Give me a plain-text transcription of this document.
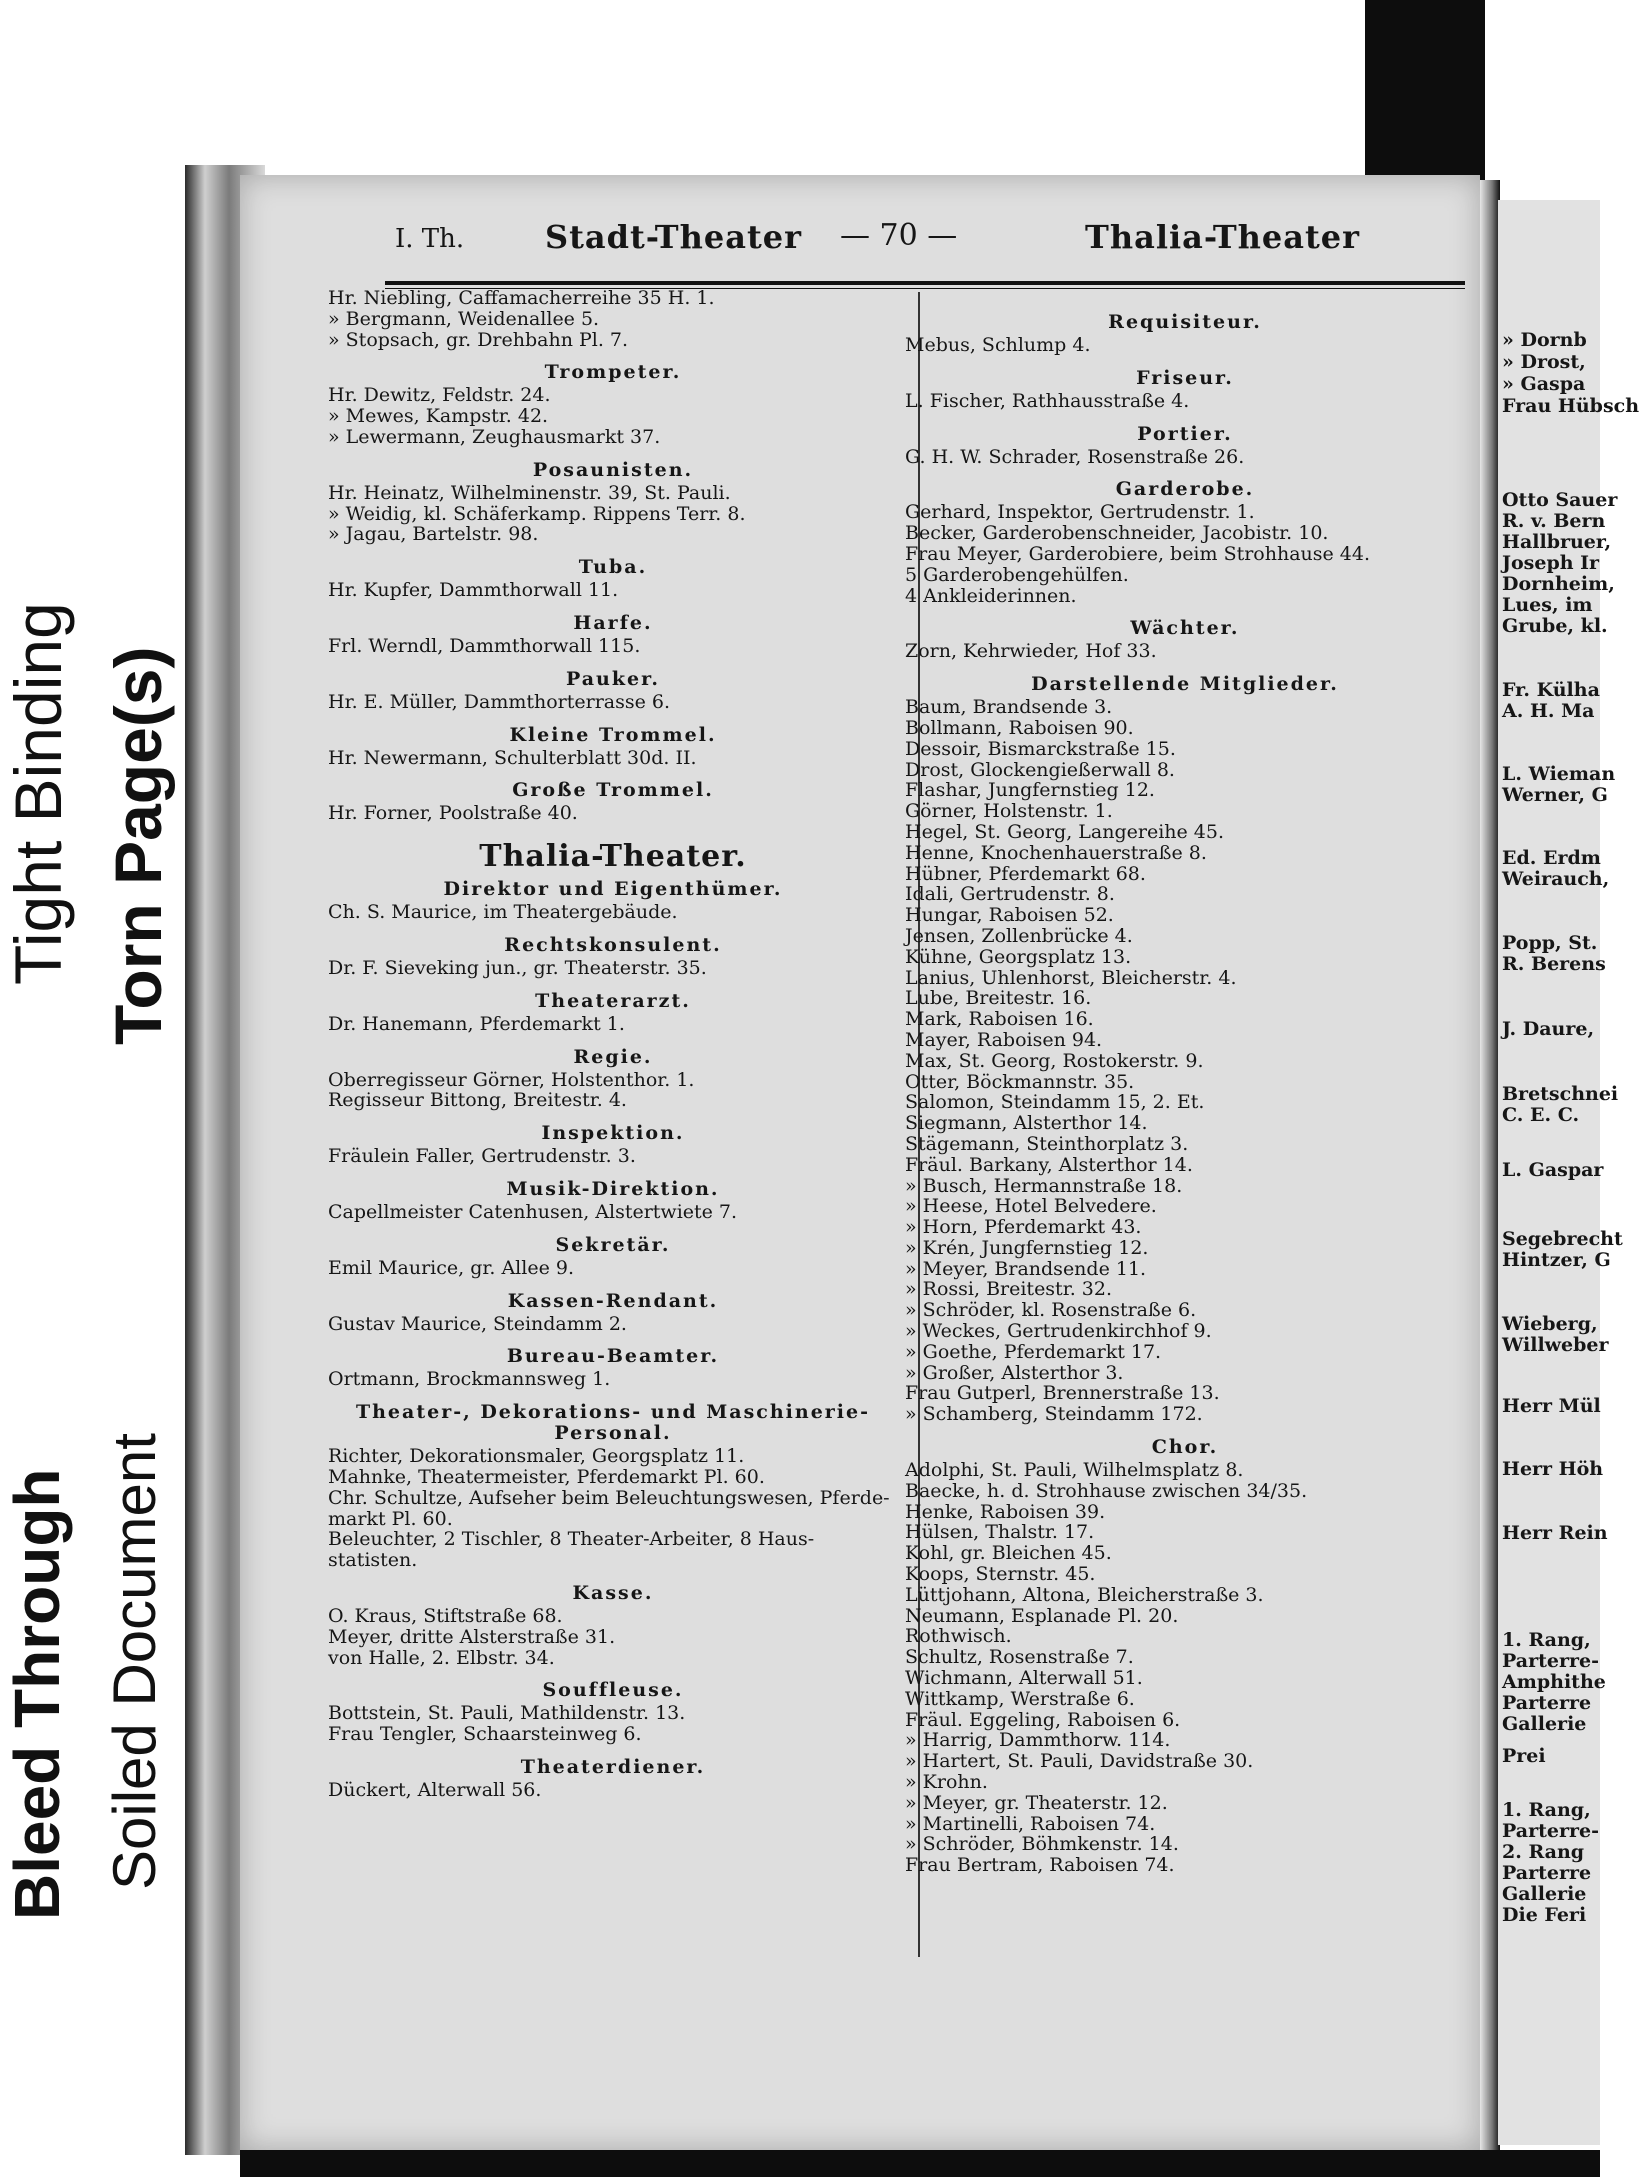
Tight Binding Torn Page(s)
Bleed Through Soiled Document
» Dornb
» Drost,
» Gaspa
Frau Hübsch
Otto Sauer
R. v. Bern
Hallbruer,
Joseph Ir
Dornheim,
Lues, im
Grube, kl.
Fr. Külha
A. H. Ma
L. Wieman
Werner, G
Ed. Erdm
Weirauch,
Popp, St.
R. Berens
J. Daure,
Bretschnei
C. E. C.
L. Gaspar
Segebrecht
Hintzer, G
Wieberg,
Willweber
Herr Mül
Herr Höh
Herr Rein
1. Rang,
Parterre-
Amphithe
Parterre
Gallerie
Prei
1. Rang,
Parterre-
2. Rang
Parterre
Gallerie
Die Feri
I. Th.	Stadt-Theater — 70 —	Thalia-Theater
Hr. Niebling, Caffamacherreihe 35 H. 1.
» Bergmann, Weidenallee 5.
» Stopsach, gr. Drehbahn Pl. 7.
Trompeter.
Hr. Dewitz, Feldstr. 24.
» Mewes, Kampstr. 42.
» Lewermann, Zeughausmarkt 37.
Posaunisten.
Hr. Heinatz, Wilhelminenstr. 39, St. Pauli.
» Weidig, kl. Schäferkamp. Rippens Terr. 8.
» Jagau, Bartelstr. 98.
Tuba.
Hr. Kupfer, Dammthorwall 11.
Harfe.
Frl. Werndl, Dammthorwall 115.
Pauker.
Hr. E. Müller, Dammthorterrasse 6.
Kleine Trommel.
Hr. Newermann, Schulterblatt 30d. II.
Große Trommel.
Hr. Forner, Poolstraße 40.
Thalia-Theater.
Direktor und Eigenthümer.
Ch. S. Maurice, im Theatergebäude.
Rechtskonsulent.
Dr. F. Sieveking jun., gr. Theaterstr. 35.
Theaterarzt.
Dr. Hanemann, Pferdemarkt 1.
Regie.
Oberregisseur Görner, Holstenthor. 1.
Regisseur Bittong, Breitestr. 4.
Inspektion.
Fräulein Faller, Gertrudenstr. 3.
Musik-Direktion.
Capellmeister Catenhusen, Alstertwiete 7.
Sekretär.
Emil Maurice, gr. Allee 9.
Kassen-Rendant.
Gustav Maurice, Steindamm 2.
Bureau-Beamter.
Ortmann, Brockmannsweg 1.
Theater-, Dekorations- und Maschinerie-Personal.
Richter, Dekorationsmaler, Georgsplatz 11.
Mahnke, Theatermeister, Pferdemarkt Pl. 60.
Chr. Schultze, Aufseher beim Beleuchtungswesen, Pferde-
markt Pl. 60.
Beleuchter, 2 Tischler, 8 Theater-Arbeiter, 8 Haus-
statisten.
Kasse.
O. Kraus, Stiftstraße 68.
Meyer, dritte Alsterstraße 31.
von Halle, 2. Elbstr. 34.
Souffleuse.
Bottstein, St. Pauli, Mathildenstr. 13.
Frau Tengler, Schaarsteinweg 6.
Theaterdiener.
Dückert, Alterwall 56.
Requisiteur.
Mebus, Schlump 4.
Friseur.
L. Fischer, Rathhausstraße 4.
Portier.
G. H. W. Schrader, Rosenstraße 26.
Garderobe.
Gerhard, Inspektor, Gertrudenstr. 1.
Becker, Garderobenschneider, Jacobistr. 10.
Frau Meyer, Garderobiere, beim Strohhause 44.
5 Garderobengehülfen.
4 Ankleiderinnen.
Wächter.
Zorn, Kehrwieder, Hof 33.
Darstellende Mitglieder.
Baum, Brandsende 3.
Bollmann, Raboisen 90.
Dessoir, Bismarckstraße 15.
Drost, Glockengießerwall 8.
Flashar, Jungfernstieg 12.
Görner, Holstenstr. 1.
Hegel, St. Georg, Langereihe 45.
Henne, Knochenhauerstraße 8.
Hübner, Pferdemarkt 68.
Idali, Gertrudenstr. 8.
Hungar, Raboisen 52.
Jensen, Zollenbrücke 4.
Kühne, Georgsplatz 13.
Lanius, Uhlenhorst, Bleicherstr. 4.
Lube, Breitestr. 16.
Mark, Raboisen 16.
Mayer, Raboisen 94.
Max, St. Georg, Rostokerstr. 9.
Otter, Böckmannstr. 35.
Salomon, Steindamm 15, 2. Et.
Siegmann, Alsterthor 14.
Stägemann, Steinthorplatz 3.
Fräul. Barkany, Alsterthor 14.
» Busch, Hermannstraße 18.
» Heese, Hotel Belvedere.
» Horn, Pferdemarkt 43.
» Krén, Jungfernstieg 12.
» Meyer, Brandsende 11.
» Rossi, Breitestr. 32.
» Schröder, kl. Rosenstraße 6.
» Weckes, Gertrudenkirchhof 9.
» Goethe, Pferdemarkt 17.
» Großer, Alsterthor 3.
Frau Gutperl, Brennerstraße 13.
» Schamberg, Steindamm 172.
Chor.
Adolphi, St. Pauli, Wilhelmsplatz 8.
Baecke, h. d. Strohhause zwischen 34/35.
Henke, Raboisen 39.
Hülsen, Thalstr. 17.
Kohl, gr. Bleichen 45.
Koops, Sternstr. 45.
Lüttjohann, Altona, Bleicherstraße 3.
Neumann, Esplanade Pl. 20.
Rothwisch.
Schultz, Rosenstraße 7.
Wichmann, Alterwall 51.
Wittkamp, Werstraße 6.
Fräul. Eggeling, Raboisen 6.
» Harrig, Dammthorw. 114.
» Hartert, St. Pauli, Davidstraße 30.
» Krohn.
» Meyer, gr. Theaterstr. 12.
» Martinelli, Raboisen 74.
» Schröder, Böhmkenstr. 14.
Frau Bertram, Raboisen 74.
